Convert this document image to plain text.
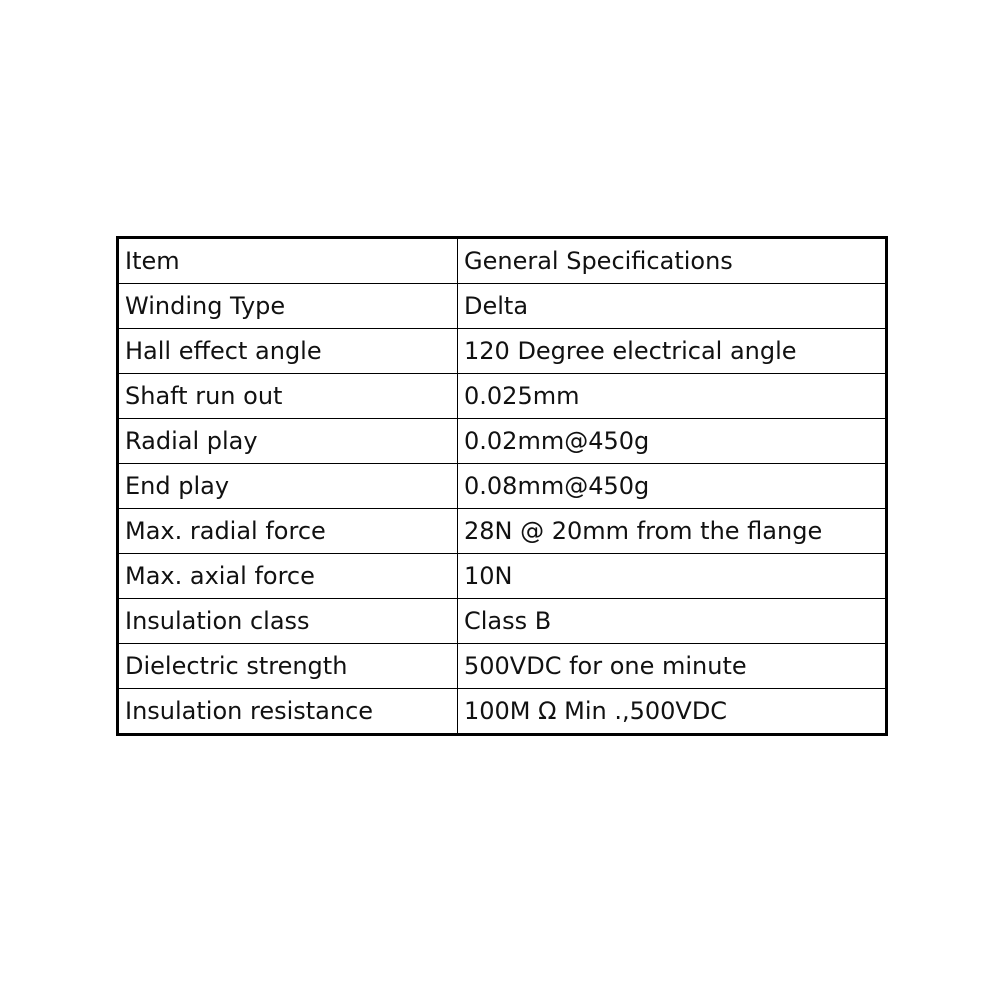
Item	General Specifications
Winding Type	Delta
Hall effect angle	120 Degree electrical angle
Shaft run out	0.025mm
Radial play	0.02mm@450g
End play	0.08mm@450g
Max. radial force	28N @ 20mm from the flange
Max. axial force	10N
Insulation class	Class B
Dielectric strength	500VDC for one minute
Insulation resistance	100M Ω Min .,500VDC
